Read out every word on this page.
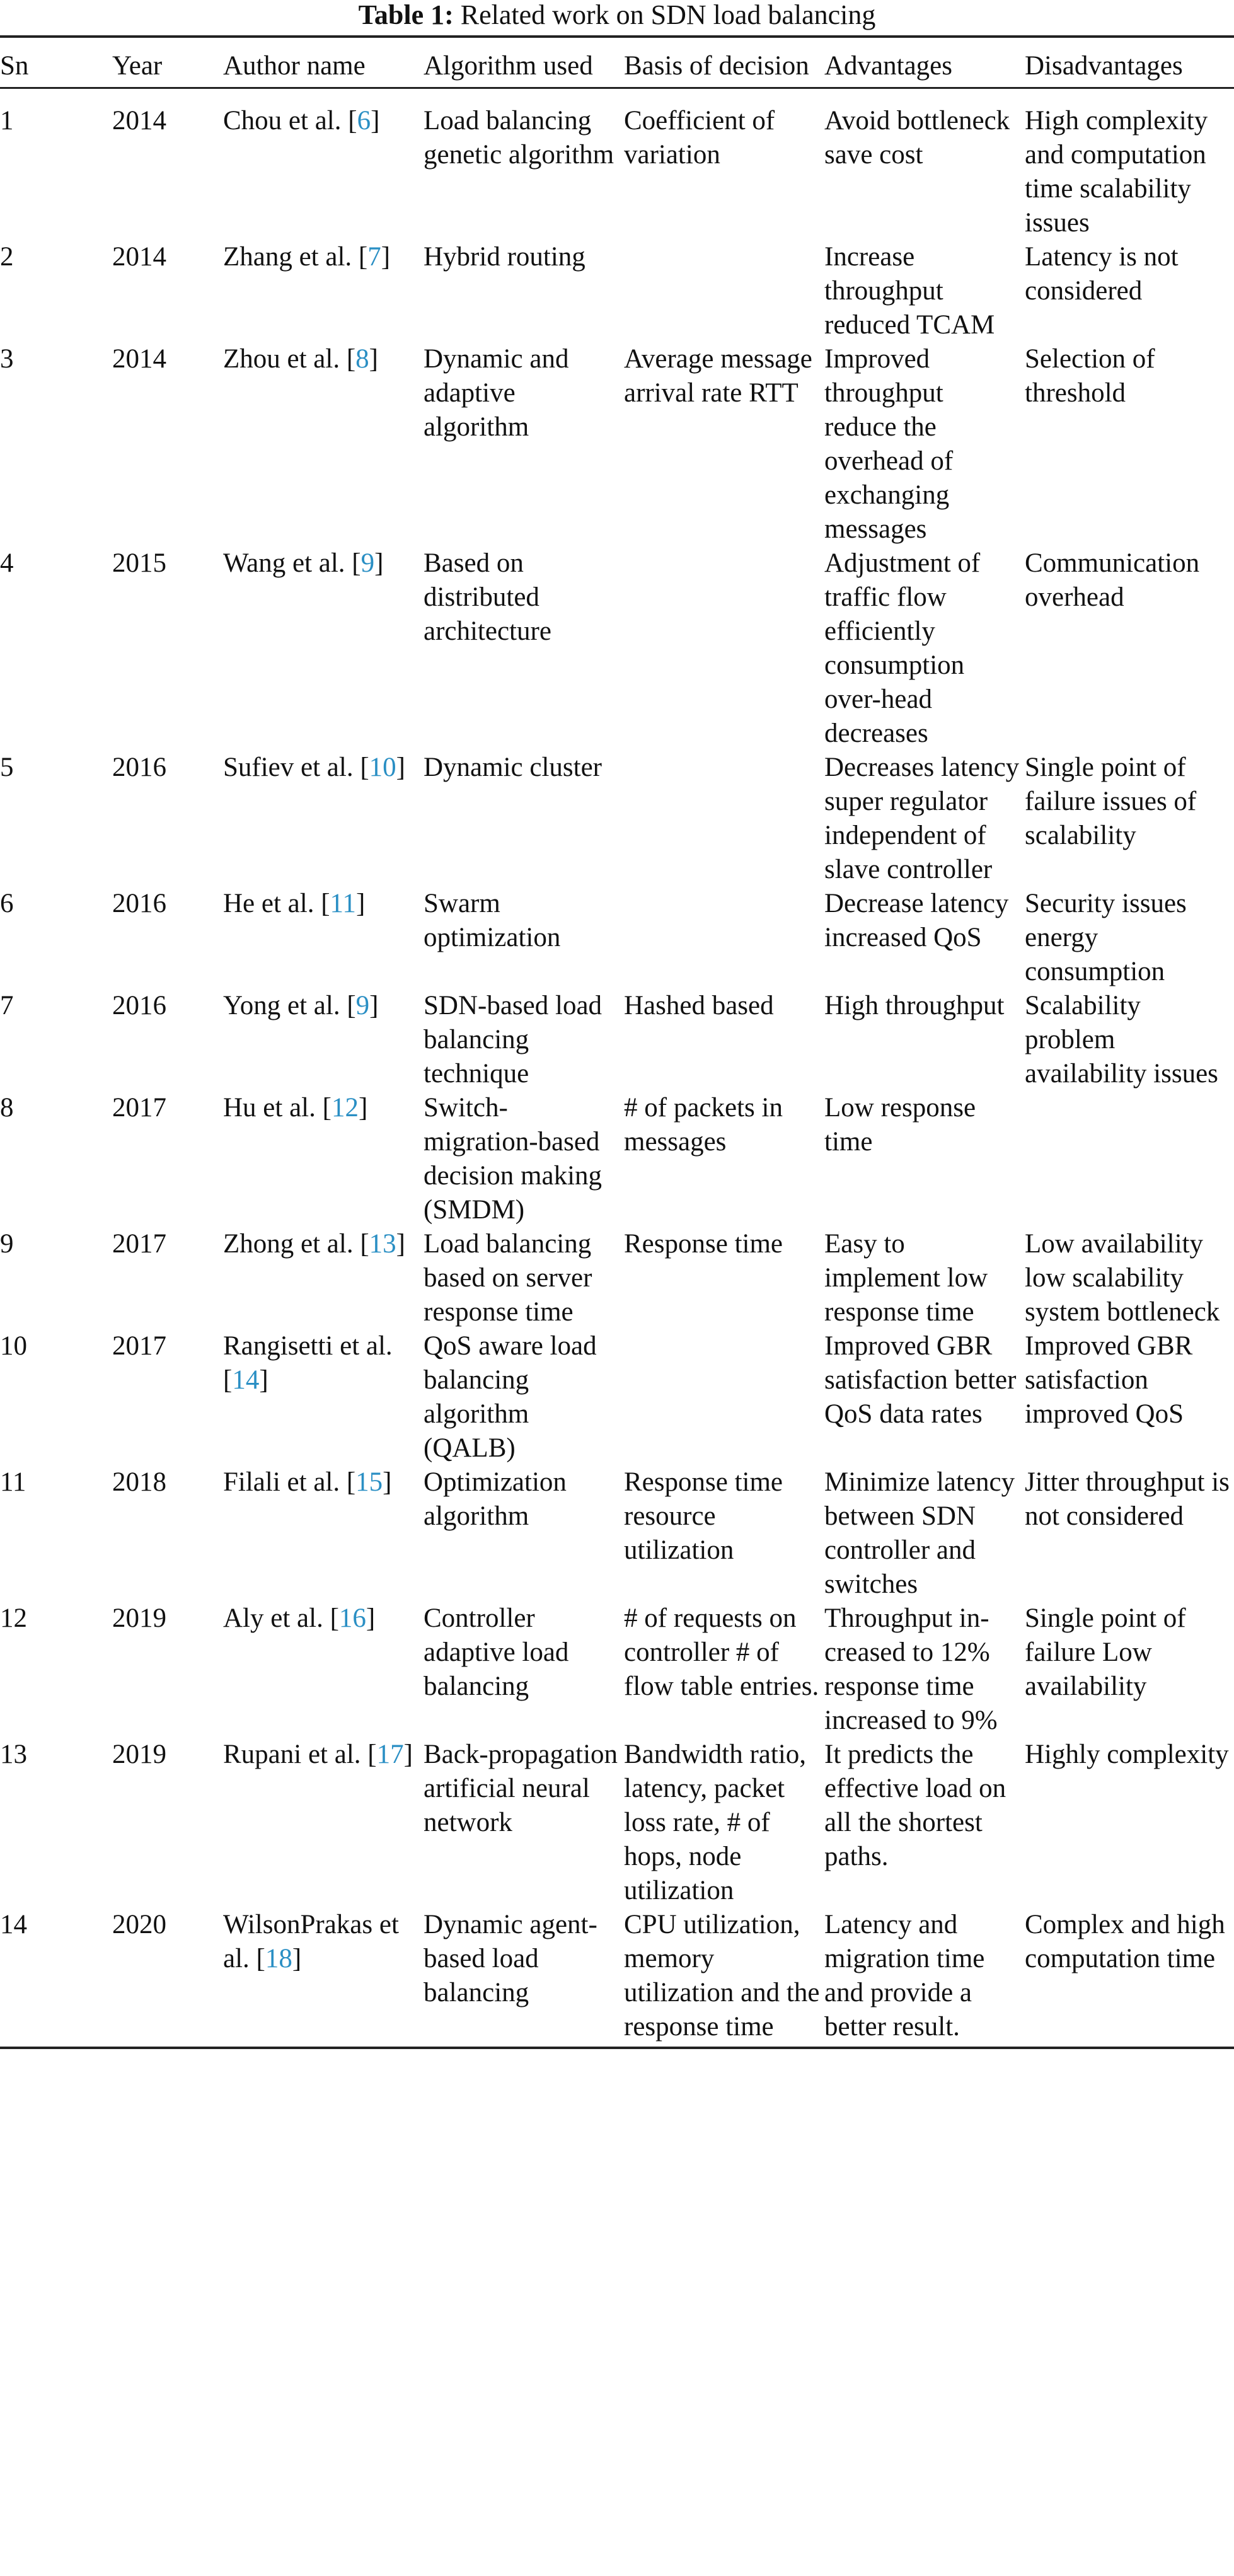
Table 1: Related work on SDN load balancing
Sn	Year	Author name	Algorithm used	Basis of decision	Advantages	Disadvantages
1	2014	Chou et al. [6]	Load balancing genetic algorithm	Coefficient of variation	Avoid bottleneck save cost	High complexity and computation time scalability issues
2	2014	Zhang et al. [7]	Hybrid routing		Increase throughput reduced TCAM	Latency is not considered
3	2014	Zhou et al. [8]	Dynamic and adaptive algorithm	Average message arrival rate RTT	Improved throughput reduce the overhead of exchanging messages	Selection of threshold
4	2015	Wang et al. [9]	Based on distributed architecture		Adjustment of traffic flow efficiently consumption over-head decreases	Communication overhead
5	2016	Sufiev et al. [10]	Dynamic cluster		Decreases latency super regulator independent of slave controller	Single point of failure issues of scalability
6	2016	He et al. [11]	Swarm optimization		Decrease latency increased QoS	Security issues energy consumption
7	2016	Yong et al. [9]	SDN-based load balancing technique	Hashed based	High throughput	Scalability problem availability issues
8	2017	Hu et al. [12]	Switch-migration-based decision making (SMDM)	# of packets in messages	Low response time	
9	2017	Zhong et al. [13]	Load balancing based on server response time	Response time	Easy to implement low response time	Low availability low scalability system bottleneck
10	2017	Rangisetti et al. [14]	QoS aware load balancing algorithm (QALB)		Improved GBR satisfaction better QoS data rates	Improved GBR satisfaction improved QoS
11	2018	Filali et al. [15]	Optimization algorithm	Response time resource utilization	Minimize latency between SDN controller and switches	Jitter throughput is not considered
12	2019	Aly et al. [16]	Controller adaptive load balancing	# of requests on controller # of flow table entries.	Throughput in-creased to 12% response time increased to 9%	Single point of failure Low availability
13	2019	Rupani et al. [17]	Back-propagation artificial neural network	Bandwidth ratio, latency, packet loss rate, # of hops, node utilization	It predicts the effective load on all the shortest paths.	Highly complexity
14	2020	WilsonPrakas et al. [18]	Dynamic agent-based load balancing	CPU utilization, memory utilization and the response time	Latency and migration time and provide a better result.	Complex and high computation time
